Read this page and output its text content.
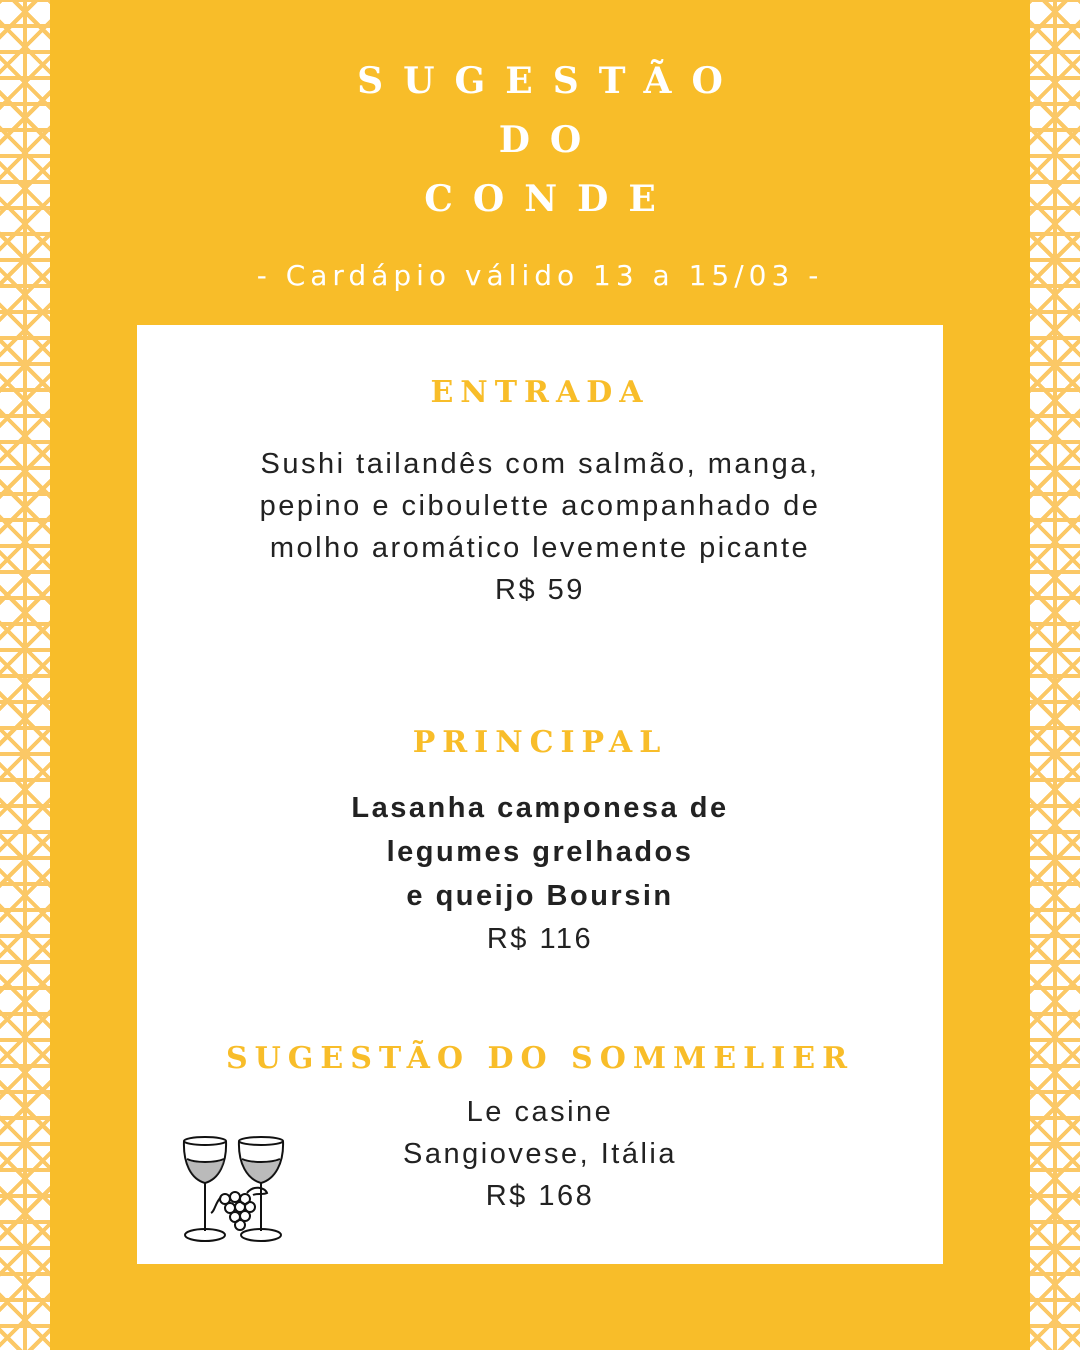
SUGESTÃO
DO
CONDE
- Cardápio válido 13 a 15/03 -
ENTRADA
Sushi tailandês com salmão, manga,
pepino e ciboulette acompanhado de
molho aromático levemente picante
R$ 59
PRINCIPAL
Lasanha camponesa de
legumes grelhados
e queijo Boursin
R$ 116
SUGESTÃO DO SOMMELIER
Le casine
Sangiovese, Itália
R$ 168
